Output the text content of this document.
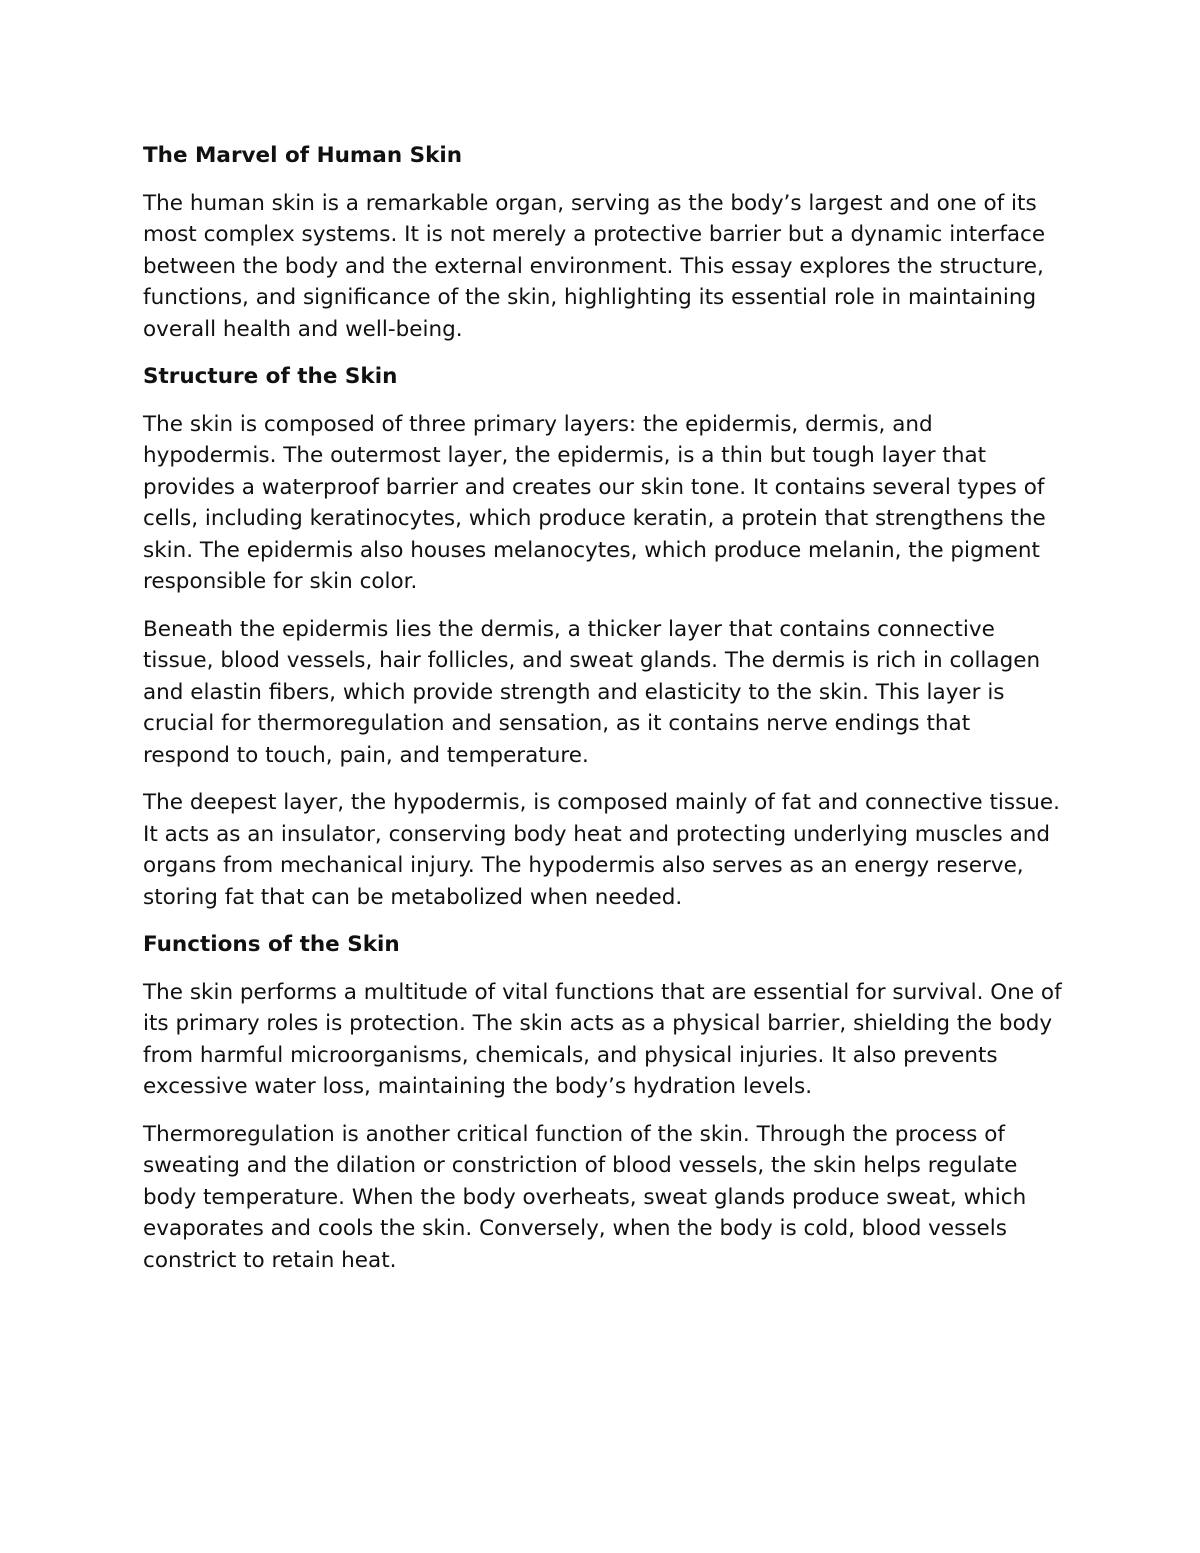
The Marvel of Human Skin

The human skin is a remarkable organ, serving as the body’s largest and one of its most complex systems. It is not merely a protective barrier but a dynamic interface between the body and the external environment. This essay explores the structure, functions, and significance of the skin, highlighting its essential role in maintaining overall health and well-being.

Structure of the Skin

The skin is composed of three primary layers: the epidermis, dermis, and hypodermis. The outermost layer, the epidermis, is a thin but tough layer that provides a waterproof barrier and creates our skin tone. It contains several types of cells, including keratinocytes, which produce keratin, a protein that strengthens the skin. The epidermis also houses melanocytes, which produce melanin, the pigment responsible for skin color.

Beneath the epidermis lies the dermis, a thicker layer that contains connective tissue, blood vessels, hair follicles, and sweat glands. The dermis is rich in collagen and elastin fibers, which provide strength and elasticity to the skin. This layer is crucial for thermoregulation and sensation, as it contains nerve endings that respond to touch, pain, and temperature.

The deepest layer, the hypodermis, is composed mainly of fat and connective tissue. It acts as an insulator, conserving body heat and protecting underlying muscles and organs from mechanical injury. The hypodermis also serves as an energy reserve, storing fat that can be metabolized when needed.

Functions of the Skin

The skin performs a multitude of vital functions that are essential for survival. One of its primary roles is protection. The skin acts as a physical barrier, shielding the body from harmful microorganisms, chemicals, and physical injuries. It also prevents excessive water loss, maintaining the body’s hydration levels.

Thermoregulation is another critical function of the skin. Through the process of sweating and the dilation or constriction of blood vessels, the skin helps regulate body temperature. When the body overheats, sweat glands produce sweat, which evaporates and cools the skin. Conversely, when the body is cold, blood vessels constrict to retain heat.
